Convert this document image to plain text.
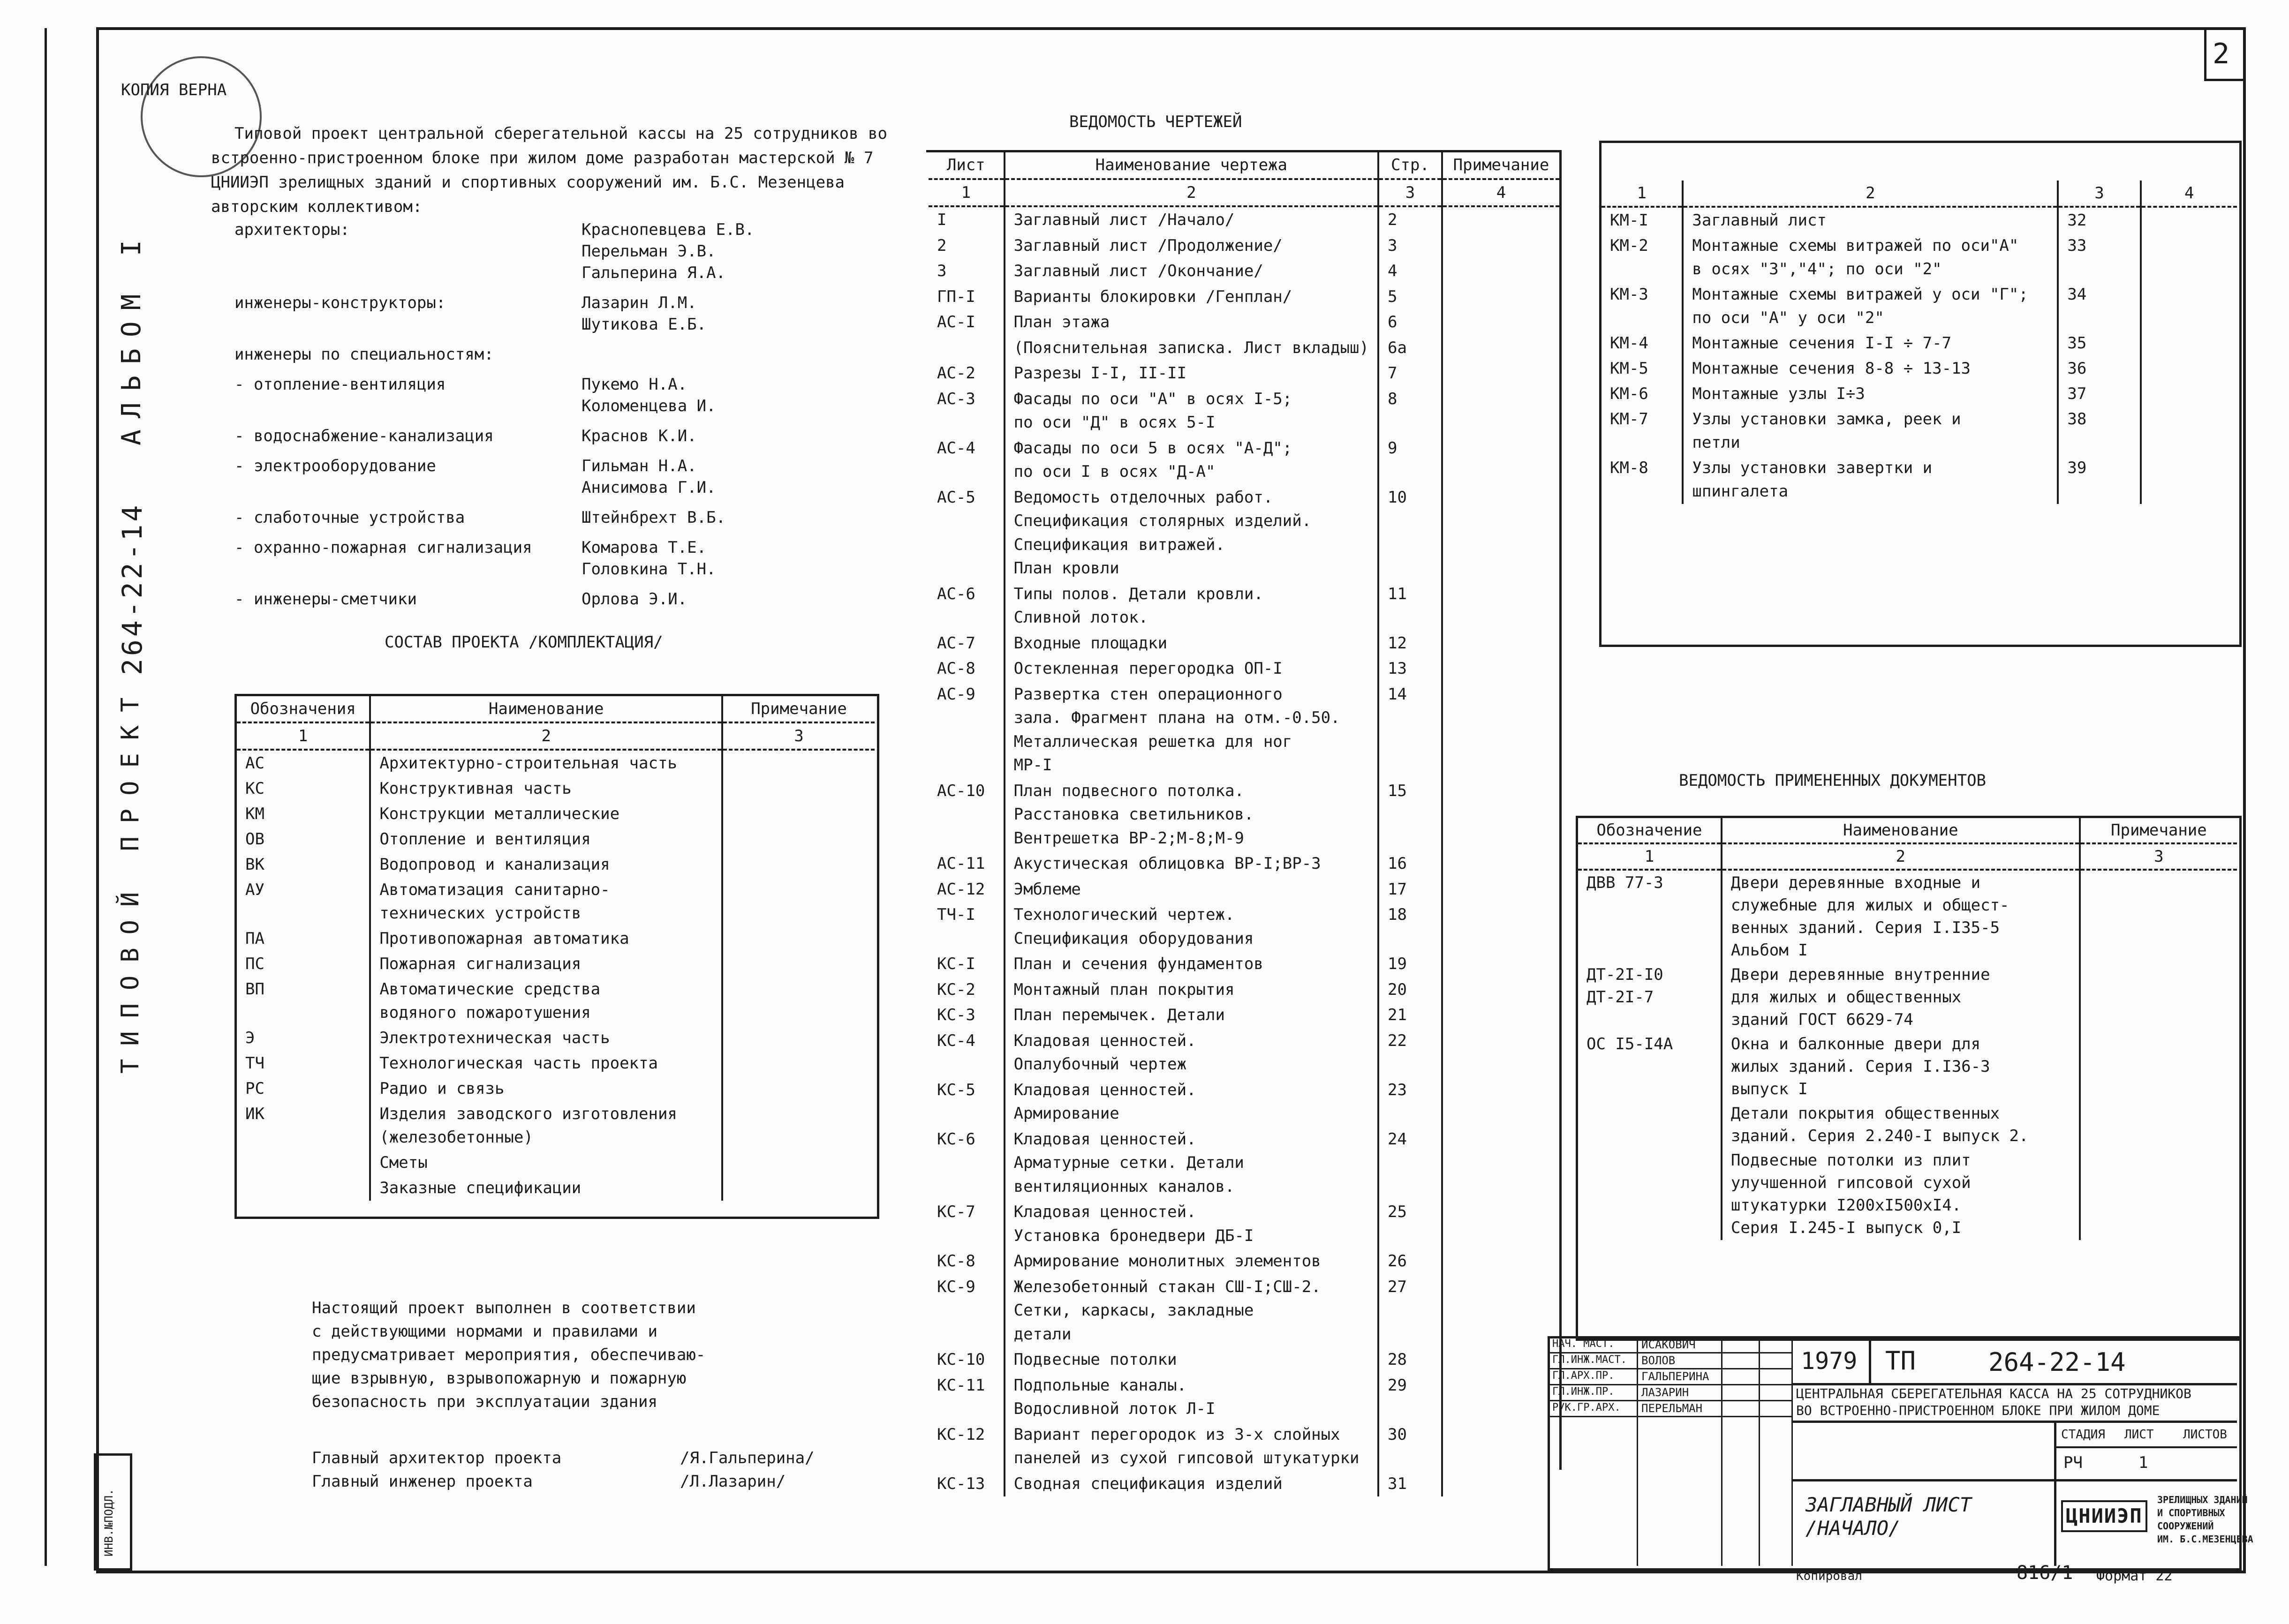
2
АЛЬБОМ I
264-22-14
ТИПОВОЙ ПРОЕКТ
ИНВ.№ПОДЛ.
КОПИЯ ВЕРНА
Типовой проект центральной сберегательной кассы на 25 сотрудников во
встроенно-пристроенном блоке при жилом доме разработан мастерской № 7
ЦНИИЭП зрелищных зданий и спортивных сооружений им. Б.С. Мезенцева
авторским коллективом:
архитекторы:	Краснопевцева Е.В.
Перельман Э.В.
Гальперина Я.А.
инженеры-конструкторы:	Лазарин Л.М.
Шутикова Е.Б.
инженеры по специальностям:
- отопление-вентиляция	Пукемо Н.А.
Коломенцева И.
- водоснабжение-канализация	Краснов К.И.
- электрооборудование	Гильман Н.А.
Анисимова Г.И.
- слаботочные устройства	Штейнбрехт В.Б.
- охранно-пожарная сигнализация	Комарова Т.Е.
Головкина Т.Н.
- инженеры-сметчики	Орлова Э.И.
СОСТАВ ПРОЕКТА /КОМПЛЕКТАЦИЯ/
Обозначения	Наименование	Примечание
1	2	3
АС	Архитектурно-строительная часть	
КС	Конструктивная часть	
КМ	Конструкции металлические	
ОВ	Отопление и вентиляция	
ВК	Водопровод и канализация	
АУ	Автоматизация санитарно-
технических устройств	
ПА	Противопожарная автоматика	
ПС	Пожарная сигнализация	
ВП	Автоматические средства
водяного пожаротушения	
Э	Электротехническая часть	
ТЧ	Технологическая часть проекта	
РС	Радио и связь	
ИК	Изделия заводского изготовления
(железобетонные)	
	Сметы	
	Заказные спецификации	
Настоящий проект выполнен в соответствии
с действующими нормами и правилами и
предусматривает мероприятия, обеспечиваю-
щие взрывную, взрывопожарную и пожарную
безопасность при эксплуатации здания
Главный архитектор проекта	/Я.Гальперина/
Главный инженер проекта	/Л.Лазарин/
ВЕДОМОСТЬ ЧЕРТЕЖЕЙ
Лист	Наименование чертежа	Стр.	Примечание
1	2	3	4
I	Заглавный лист /Начало/	2	
2	Заглавный лист /Продолжение/	3	
3	Заглавный лист /Окончание/	4	
ГП-I	Варианты блокировки /Генплан/	5	
АС-I	План этажа	6	
	(Пояснительная записка. Лист вкладыш)	6а	
АС-2	Разрезы I-I, II-II	7	
АС-3	Фасады по оси "А" в осях I-5;
по оси "Д" в осях 5-I	8	
АС-4	Фасады по оси 5 в осях "А-Д";
по оси I в осях "Д-А"	9	
АС-5	Ведомость отделочных работ.
Спецификация столярных изделий.
Спецификация витражей.
План кровли	10	
АС-6	Типы полов. Детали кровли.
Сливной лоток.	11	
АС-7	Входные площадки	12	
АС-8	Остекленная перегородка ОП-I	13	
АС-9	Развертка стен операционного
зала. Фрагмент плана на отм.-0.50.
Металлическая решетка для ног
МР-I	14	
АС-10	План подвесного потолка.
Расстановка светильников.
Вентрешетка ВР-2;М-8;М-9	15	
АС-11	Акустическая облицовка ВР-I;ВР-3	16	
АС-12	Эмблеме	17	
ТЧ-I	Технологический чертеж.
Спецификация оборудования	18	
КС-I	План и сечения фундаментов	19	
КС-2	Монтажный план покрытия	20	
КС-3	План перемычек. Детали	21	
КС-4	Кладовая ценностей.
Опалубочный чертеж	22	
КС-5	Кладовая ценностей.
Армирование	23	
КС-6	Кладовая ценностей.
Арматурные сетки. Детали
вентиляционных каналов.	24	
КС-7	Кладовая ценностей.
Установка бронедвери ДБ-I	25	
КС-8	Армирование монолитных элементов	26	
КС-9	Железобетонный стакан СШ-I;СШ-2.
Сетки, каркасы, закладные
детали	27	
КС-10	Подвесные потолки	28	
КС-11	Подпольные каналы.
Водосливной лоток Л-I	29	
КС-12	Вариант перегородок из 3-х слойных
панелей из сухой гипсовой штукатурки	30	
КС-13	Сводная спецификация изделий	31	
1	2	3	4
КМ-I	Заглавный лист	32	
КМ-2	Монтажные схемы витражей по оси"А"
в осях "3","4"; по оси "2"	33	
КМ-3	Монтажные схемы витражей у оси "Г";
по оси "А" у оси "2"	34	
КМ-4	Монтажные сечения I-I ÷ 7-7	35	
КМ-5	Монтажные сечения 8-8 ÷ 13-13	36	
КМ-6	Монтажные узлы I÷3	37	
КМ-7	Узлы установки замка, реек и
петли	38	
КМ-8	Узлы установки завертки и
шпингалета	39	
ВЕДОМОСТЬ ПРИМЕНЕННЫХ ДОКУМЕНТОВ
Обозначение	Наименование	Примечание
1	2	3
ДВВ 77-3	Двери деревянные входные и
служебные для жилых и общест-
венных зданий. Серия I.I35-5
Альбом I	
ДТ-2I-I0
ДТ-2I-7	Двери деревянные внутренние
для жилых и общественных
зданий ГОСТ 6629-74	
ОС I5-I4А	Окна и балконные двери для
жилых зданий. Серия I.I36-3
выпуск I	
	Детали покрытия общественных
зданий. Серия 2.240-I выпуск 2.	
	Подвесные потолки из плит
улучшенной гипсовой сухой
штукатурки I200хI500хI4.
Серия I.245-I выпуск 0,I	
НАЧ. МАСТ. ИСАКОВИЧ
ГЛ.ИНЖ.МАСТ. ВОЛОВ
ГЛ.АРХ.ПР. ГАЛЬПЕРИНА
ГЛ.ИНЖ.ПР. ЛАЗАРИН
РУК.ГР.АРХ. ПЕРЕЛЬМАН
1979 ТП	264-22-14
ЦЕНТРАЛЬНАЯ СБЕРЕГАТЕЛЬНАЯ КАССА НА 25 СОТРУДНИКОВ
ВО ВСТРОЕННО-ПРИСТРОЕННОМ БЛОКЕ ПРИ ЖИЛОМ ДОМЕ
СТАДИЯ ЛИСТ ЛИСТОВ
РЧ	1
ЗАГЛАВНЫЙ ЛИСТ
/НАЧАЛО/
ЦНИИЭП
ЗРЕЛИЩНЫХ ЗДАНИЙ
И СПОРТИВНЫХ
СООРУЖЕНИЙ
ИМ. Б.С.МЕЗЕНЦЕВА
Копировал	816/1 Формат 22
